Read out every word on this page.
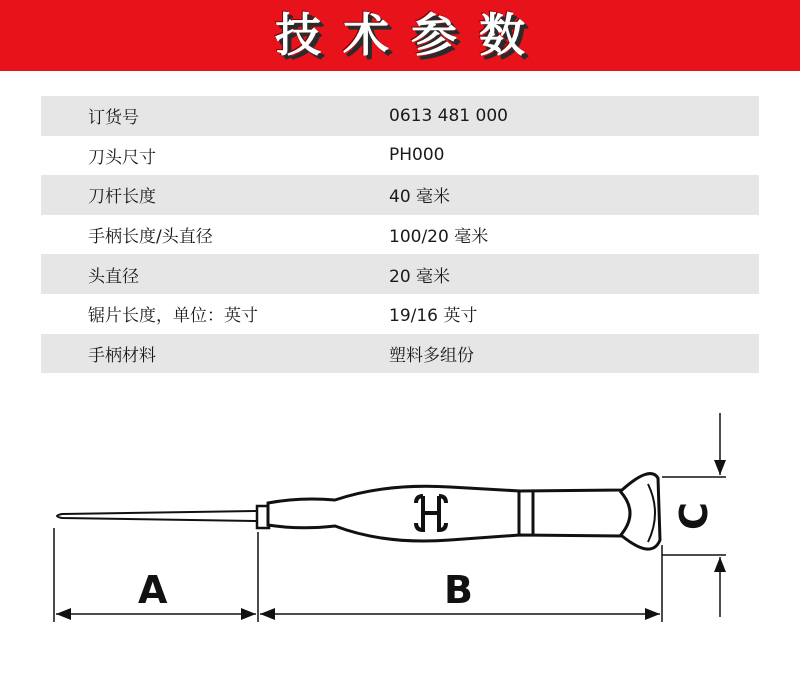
技术参数
订货号	0613 481 000
刀头尺寸	PH000
刀杆长度	40 毫米
手柄长度/头直径	100/20 毫米
头直径	20 毫米
锯片长度，单位：英寸	19/16 英寸
手柄材料	塑料多组份
A	B
C
